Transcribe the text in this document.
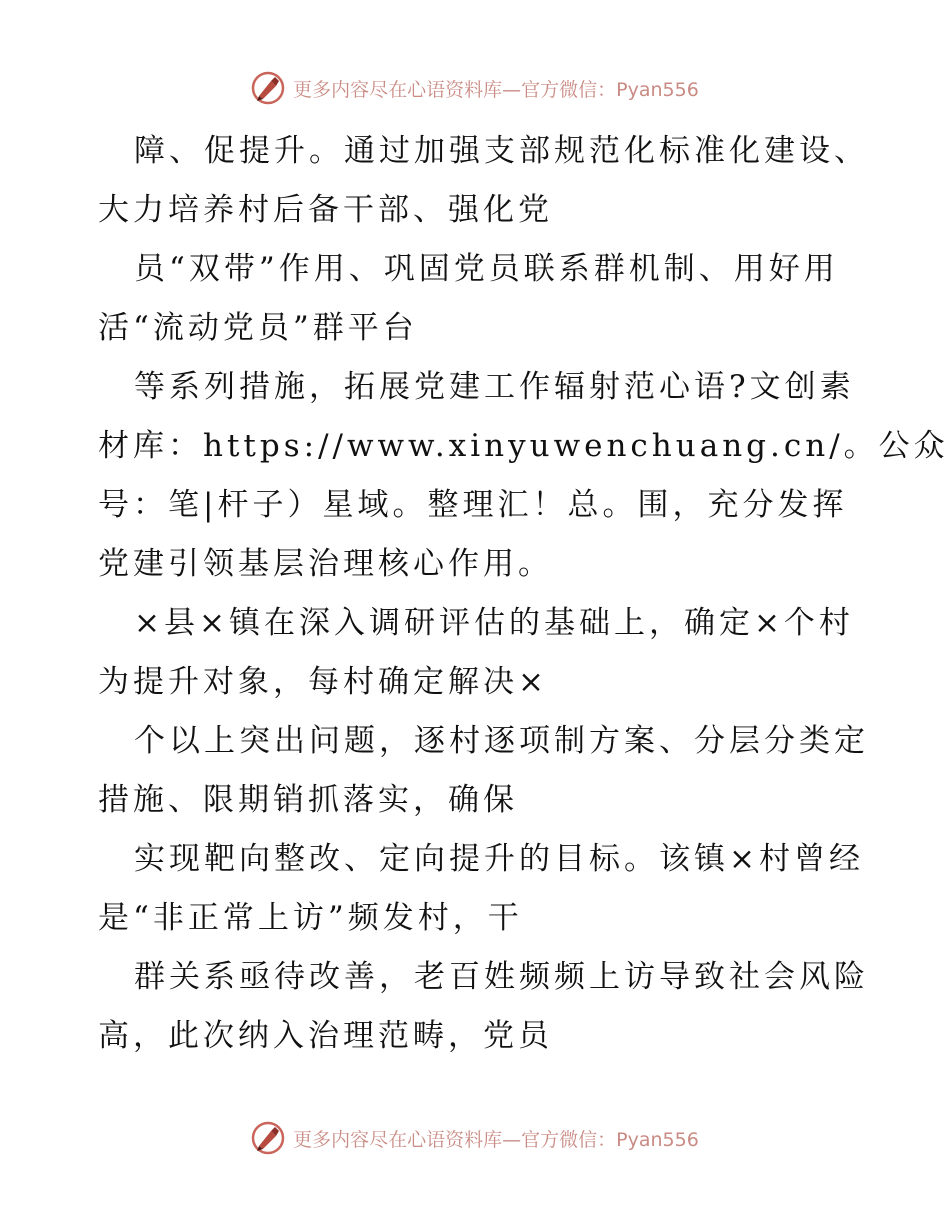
更多内容尽在心语资料库—官方微信：Pyan556

障、促提升。通过加强支部规范化标准化建设、

大力培养村后备干部、强化党

员“双带”作用、巩固党员联系群机制、用好用

活“流动党员”群平台

等系列措施，拓展党建工作辐射范心语?文创素

材库：https://www.xinyuwenchuang.cn/。公众

号：笔|杆子）星域。整理汇！总。围，充分发挥

党建引领基层治理核心作用。

×县×镇在深入调研评估的基础上，确定×个村

为提升对象，每村确定解决×

个以上突出问题，逐村逐项制方案、分层分类定

措施、限期销抓落实，确保

实现靶向整改、定向提升的目标。该镇×村曾经

是“非正常上访”频发村，干

群关系亟待改善，老百姓频频上访导致社会风险

高，此次纳入治理范畴，党员

更多内容尽在心语资料库—官方微信：Pyan556
